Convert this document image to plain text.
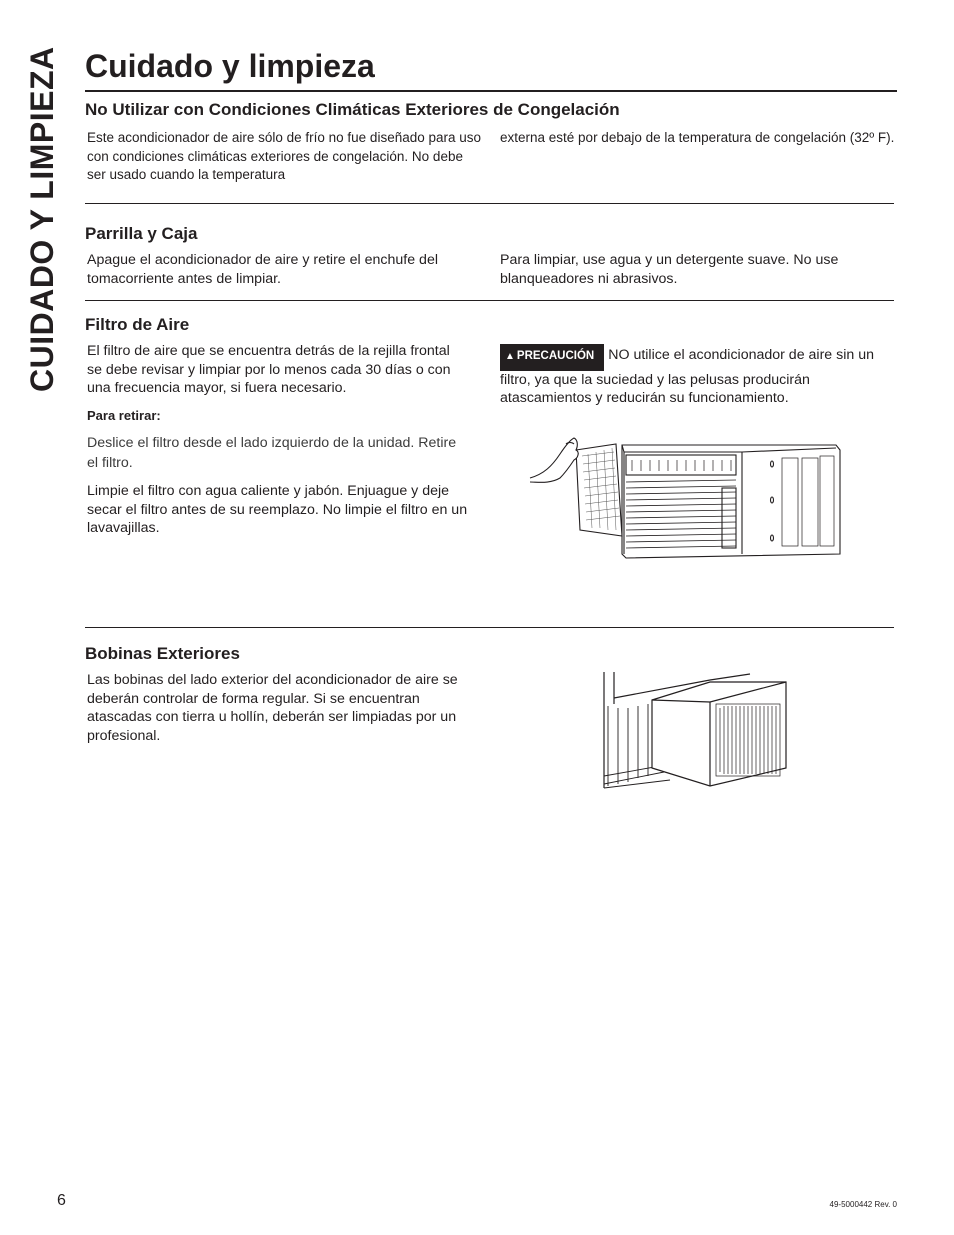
CUIDADO Y LIMPIEZA Cuidado y limpieza
No Utilizar con Condiciones Climáticas Exteriores de Congelación

Este acondicionador de aire sólo de frío no fue diseñado para uso con condiciones climáticas exteriores de congelación. No debe ser usado cuando la temperatura

externa esté por debajo de la temperatura de congelación (32º F).

Parrilla y Caja

Apague el acondicionador de aire y retire el enchufe del tomacorriente antes de limpiar.

Para limpiar, use agua y un detergente suave. No use blanqueadores ni abrasivos.

Filtro de Aire

El filtro de aire que se encuentra detrás de la rejilla frontal se debe revisar y limpiar por lo menos cada 30 días o con una frecuencia mayor, si fuera necesario.

Para retirar:

Deslice el filtro desde el lado izquierdo de la unidad. Retire el filtro.

Limpie el filtro con agua caliente y jabón. Enjuague y deje secar el filtro antes de su reemplazo. No limpie el filtro en un lavavajillas.

▲ PRECAUCIÓN NO utilice el acondicionador de aire sin un filtro, ya que la suciedad y las pelusas producirán atascamientos y reducirán su funcionamiento.

Bobinas Exteriores

Las bobinas del lado exterior del acondicionador de aire se deberán controlar de forma regular. Si se encuentran atascadas con tierra u hollín, deberán ser limpiadas por un profesional.

6	49-5000442 Rev. 0
